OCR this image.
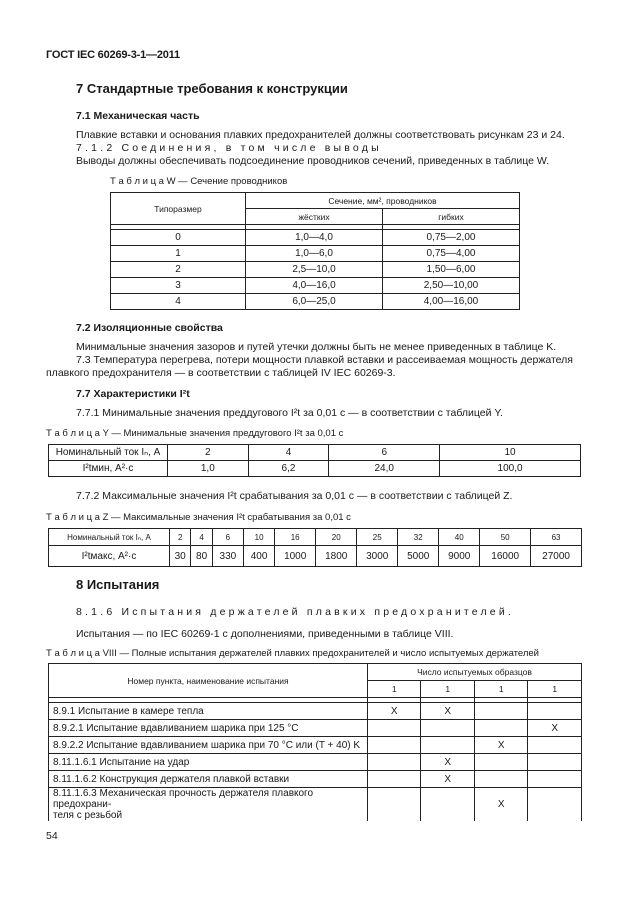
ГОСТ IEC 60269-3-1—2011
7 Стандартные требования к конструкции
7.1 Механическая часть
Плавкие вставки и основания плавких предохранителей должны соответствовать рисункам 23 и 24.
7.1.2 Соединения, в том числе выводы
Выводы должны обеспечивать подсоединение проводников сечений, приведенных в таблице W.
Т а б л и ц а W — Сечение проводников
Типоразмер	Сечение, мм², проводников	
	жёстких	гибких

0	1,0—4,0	0,75—2,00
1	1,0—6,0	0,75—4,00
2	2,5—10,0	1,50—6,00
3	4,0—16,0	2,50—10,00
4	6,0—25,0	4,00—16,00
7.2 Изоляционные свойства
Минимальные значения зазоров и путей утечки должны быть не менее приведенных в таблице K.
7.3 Температура перегрева, потери мощности плавкой вставки и рассеиваемая мощность держателя
плавкого предохранителя — в соответствии с таблицей IV IEC 60269-3.
7.7 Характеристики I²t
7.7.1 Минимальные значения преддугового I²t за 0,01 с — в соответствии с таблицей Y.
Т а б л и ц а Y — Минимальные значения преддугового I²t за 0,01 с
Номинальный ток Iₙ, А	2	4	6	10
I²tмин, А²·с	1,0	6,2	24,0	100,0
7.7.2 Максимальные значения I²t срабатывания за 0,01 с — в соответствии с таблицей Z.
Т а б л и ц а Z — Максимальные значения I²t срабатывания за 0,01 с
Номинальный ток Iₙ, А	2	4	6	10	16	20	25	32	40	50	63
I²tмакс, А²·с	30	80	330	400	1000	1800	3000	5000	9000	16000	27000
8 Испытания
8.1.6 Испытания держателей плавких предохранителей.
Испытания — по IEC 60269-1 с дополнениями, приведенными в таблице VIII.
Т а б л и ц а VIII — Полные испытания держателей плавких предохранителей и число испытуемых держателей
Номер пункта, наименование испытания	Число испытуемых образцов			
	1	1	1	1

8.9.1 Испытание в камере тепла	X	X		
8.9.2.1 Испытание вдавливанием шарика при 125 °C				X
8.9.2.2 Испытание вдавливанием шарика при 70 °C или (T + 40) K			X	
8.11.1.6.1 Испытание на удар		X		
8.11.1.6.2 Конструкция держателя плавкой вставки		X		

8.11.1.6.3 Механическая прочность держателя плавкого предохрани-
теля с резьбой			X	
54
